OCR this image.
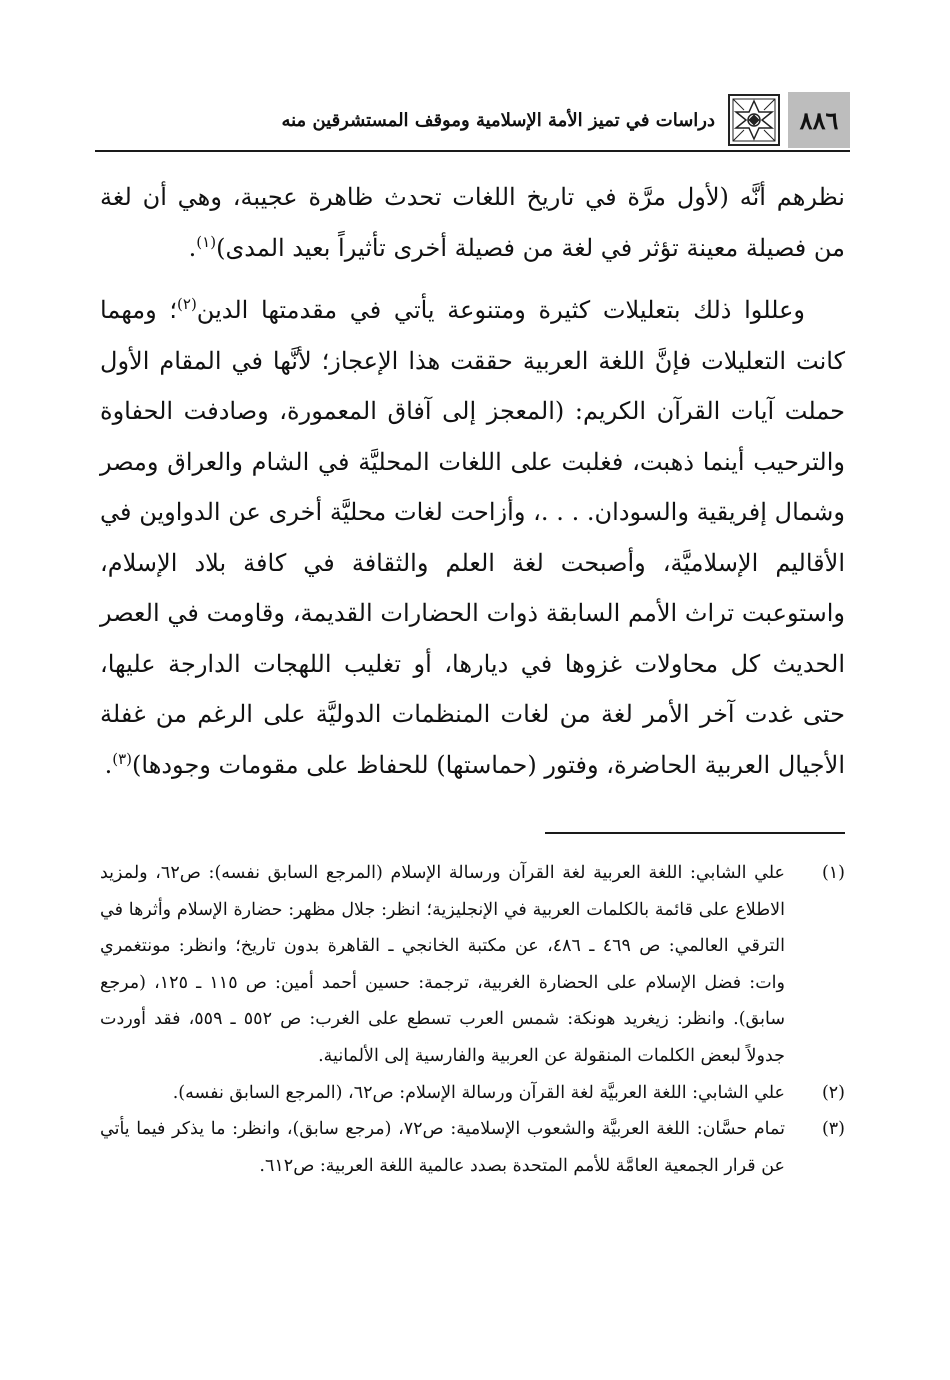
٨٨٦
دراسات في تميز الأمة الإسلامية وموقف المستشرقين منه

نظرهم أنَّه (لأول مرَّة في تاريخ اللغات تحدث ظاهرة عجيبة، وهي أن لغة من فصيلة معينة تؤثر في لغة من فصيلة أخرى تأثيراً بعيد المدى)$^{(١)}$.

وعللوا ذلك بتعليلات كثيرة ومتنوعة يأتي في مقدمتها الدين$^{(٢)}$؛ ومهما كانت التعليلات فإنَّ اللغة العربية حققت هذا الإعجاز؛ لأنَّها في المقام الأول حملت آيات القرآن الكريم: (المعجز إلى آفاق المعمورة، وصادفت الحفاوة والترحيب أينما ذهبت، فغلبت على اللغات المحليَّة في الشام والعراق ومصر وشمال إفريقية والسودان. . . .، وأزاحت لغات محليَّة أخرى عن الدواوين في الأقاليم الإسلاميَّة، وأصبحت لغة العلم والثقافة في كافة بلاد الإسلام، واستوعبت تراث الأمم السابقة ذوات الحضارات القديمة، وقاومت في العصر الحديث كل محاولات غزوها في ديارها، أو تغليب اللهجات الدارجة عليها، حتى غدت آخر الأمر لغة من لغات المنظمات الدوليَّة على الرغم من غفلة الأجيال العربية الحاضرة، وفتور (حماستها) للحفاظ على مقومات وجودها)$^{(٣)}$.

(١)
علي الشابي: اللغة العربية لغة القرآن ورسالة الإسلام (المرجع السابق نفسه): ص٦٢، ولمزيد الاطلاع على قائمة بالكلمات العربية في الإنجليزية؛ انظر: جلال مظهر: حضارة الإسلام وأثرها في الترقي العالمي: ص ٤٦٩ ـ ٤٨٦، عن مكتبة الخانجي ـ القاهرة بدون تاريخ؛ وانظر: مونتغمري وات: فضل الإسلام على الحضارة الغربية، ترجمة: حسين أحمد أمين: ص ١١٥ ـ ١٢٥، (مرجع سابق). وانظر: زيغريد هونكة: شمس العرب تسطع على الغرب: ص ٥٥٢ ـ ٥٥٩، فقد أوردت جدولاً لبعض الكلمات المنقولة عن العربية والفارسية إلى الألمانية.
(٢)
علي الشابي: اللغة العربيَّة لغة القرآن ورسالة الإسلام: ص٦٢، (المرجع السابق نفسه).
(٣)
تمام حسَّان: اللغة العربيَّة والشعوب الإسلامية: ص٧٢، (مرجع سابق)، وانظر: ما يذكر فيما يأتي عن قرار الجمعية العامَّة للأمم المتحدة بصدد عالمية اللغة العربية: ص٦١٢.
